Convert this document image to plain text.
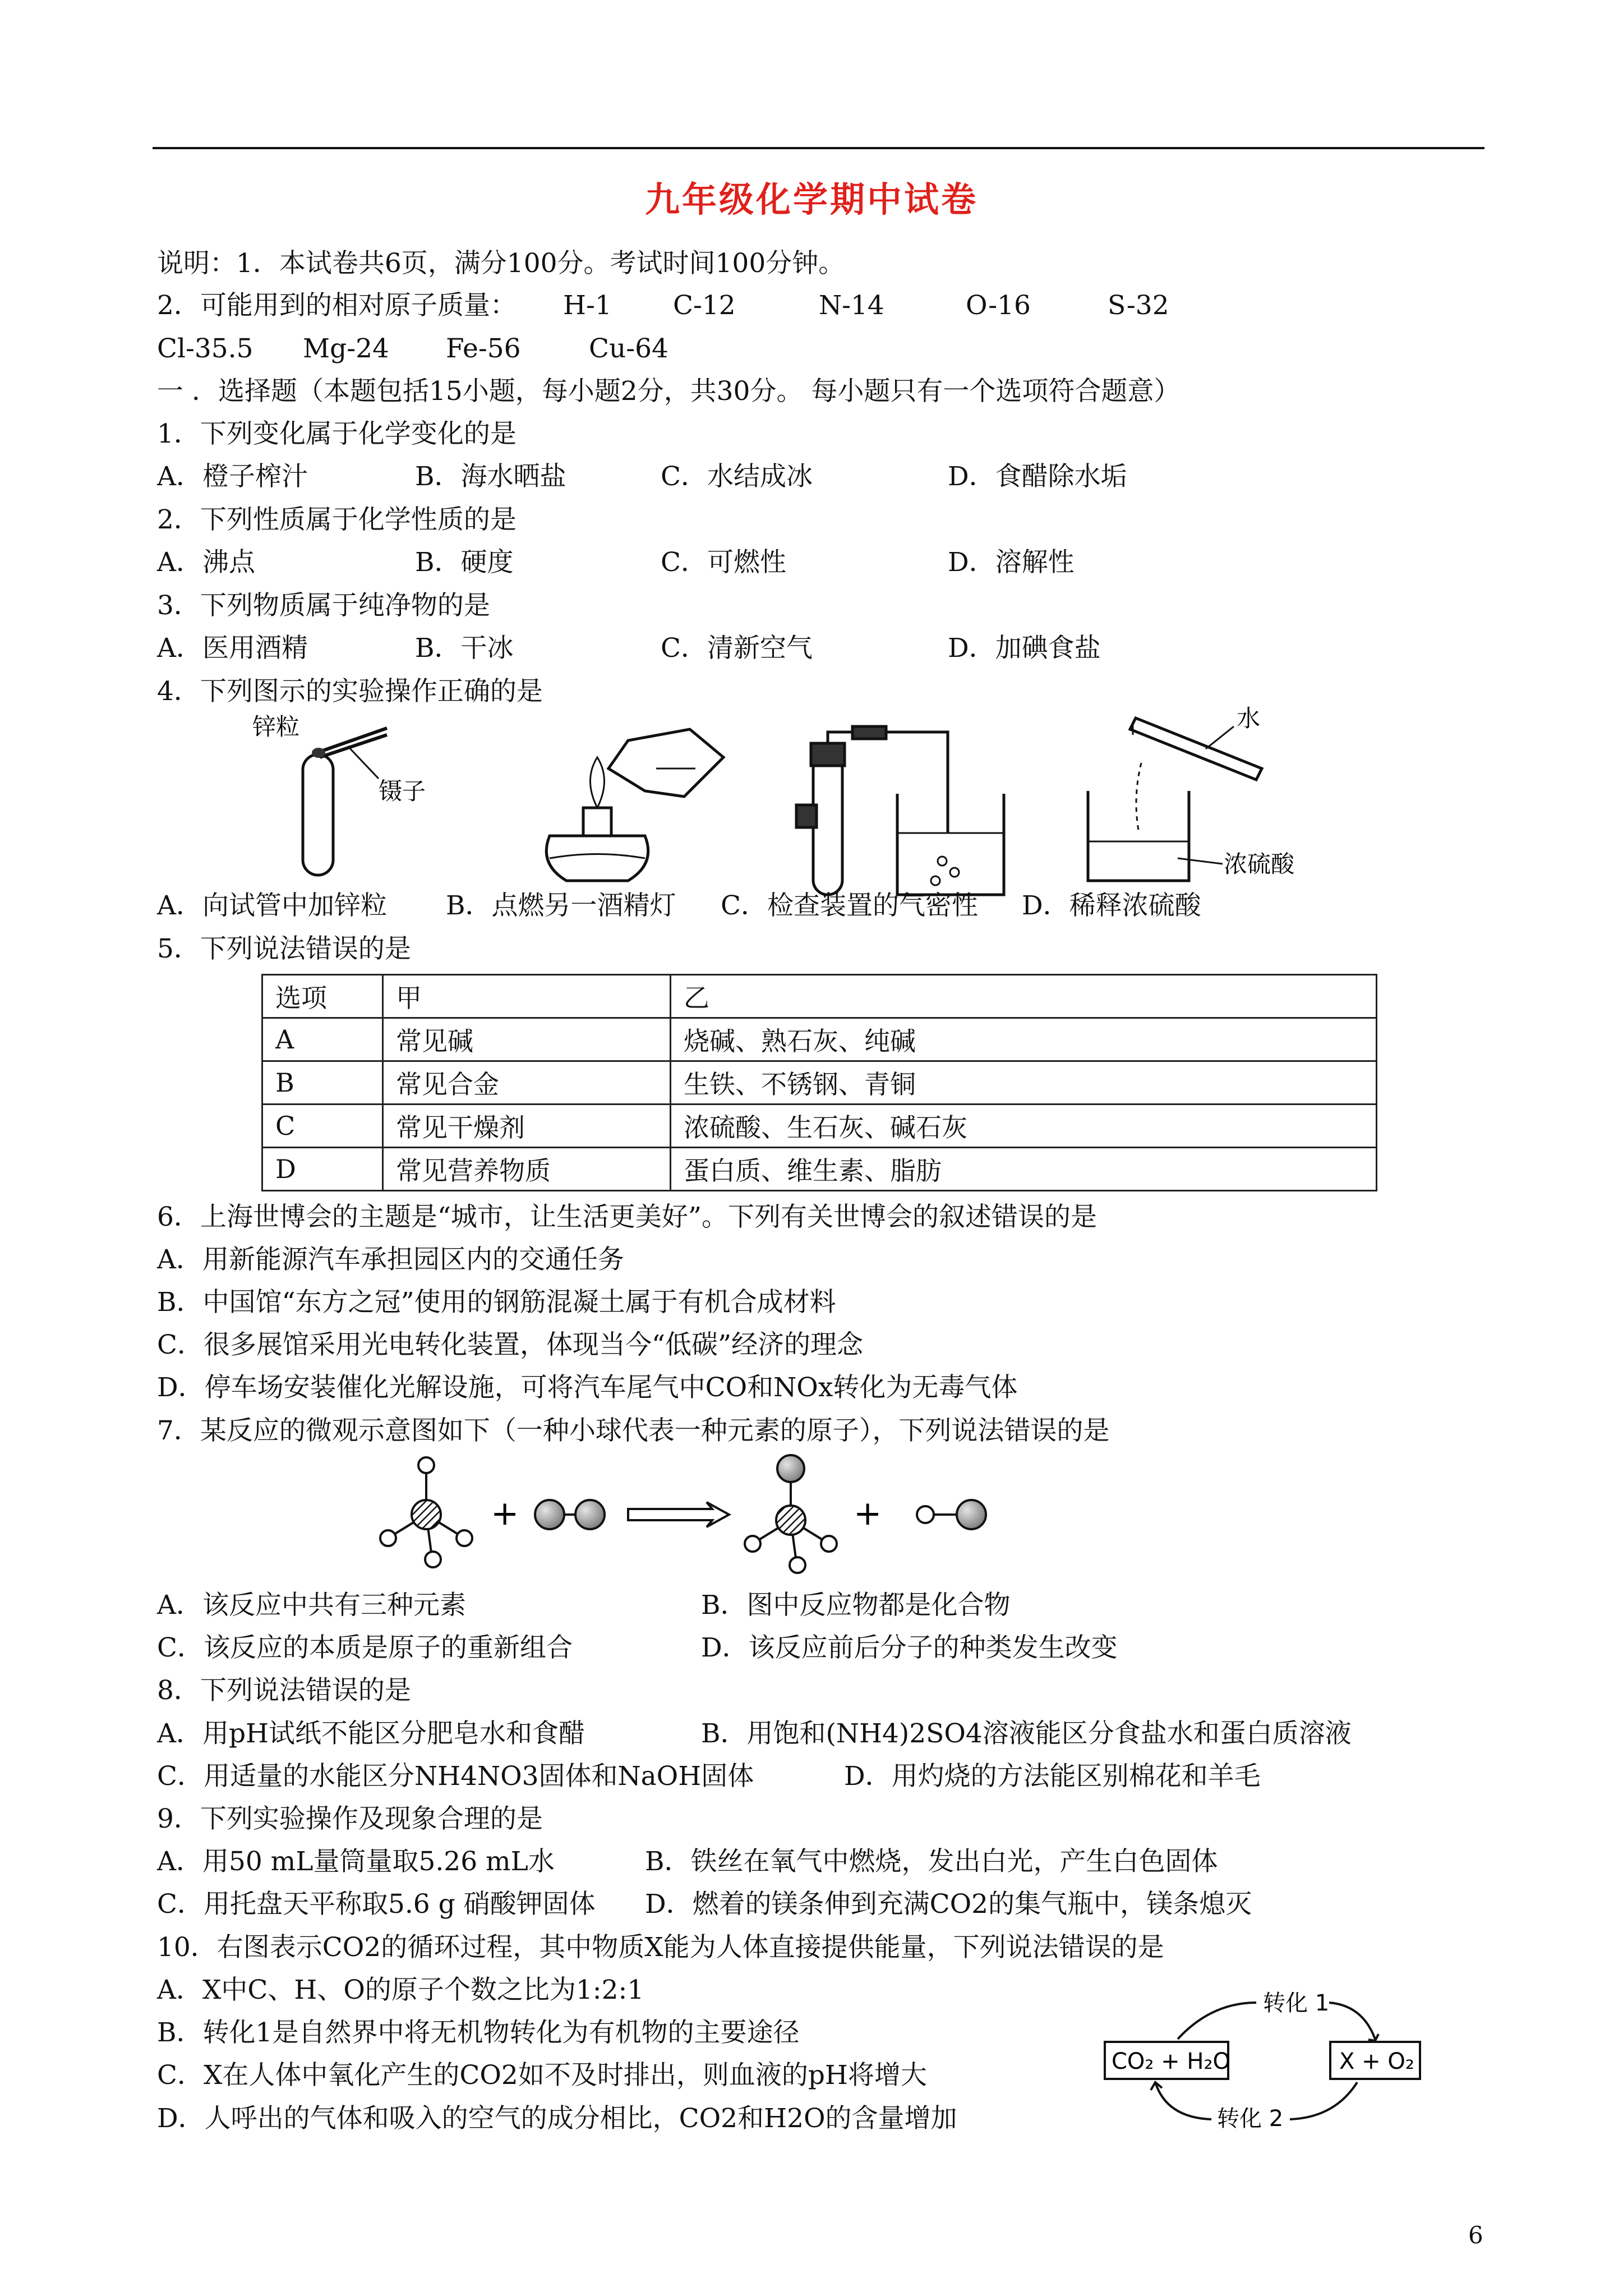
九年级化学期中试卷
说明：1．本试卷共6页，满分100分。考试时间100分钟。
2．可能用到的相对原子质量： H-1 C-12	N-14	O-16	S-32
Cl-35.5 Mg-24 Fe-56	Cu-64
一 ．选择题（本题包括15小题，每小题2分，共30分。 每小题只有一个选项符合题意）
1．下列变化属于化学变化的是
A．橙子榨汁	B．海水晒盐	C．水结成冰	D．食醋除水垢
2．下列性质属于化学性质的是
A．沸点	B．硬度	C．可燃性	D．溶解性
3．下列物质属于纯净物的是
A．医用酒精	B．干冰	C．清新空气	D．加碘食盐
4．下列图示的实验操作正确的是
锌粒
镊子
水
浓硫酸
A．向试管中加锌粒 B．点燃另一酒精灯 C．检查装置的气密性 D．稀释浓硫酸
5．下列说法错误的是
选项	甲	乙
A	常见碱	烧碱、熟石灰、纯碱
B	常见合金	生铁、不锈钢、青铜
C	常见干燥剂	浓硫酸、生石灰、碱石灰
D	常见营养物质	蛋白质、维生素、脂肪
6．上海世博会的主题是“城市，让生活更美好”。下列有关世博会的叙述错误的是
A．用新能源汽车承担园区内的交通任务
B．中国馆“东方之冠”使用的钢筋混凝土属于有机合成材料
C．很多展馆采用光电转化装置，体现当今“低碳”经济的理念
D．停车场安装催化光解设施，可将汽车尾气中CO和NOx转化为无毒气体
7．某反应的微观示意图如下（一种小球代表一种元素的原子），下列说法错误的是
+	+
A．该反应中共有三种元素	B．图中反应物都是化合物
C．该反应的本质是原子的重新组合	D．该反应前后分子的种类发生改变
8．下列说法错误的是
A．用pH试纸不能区分肥皂水和食醋	B．用饱和(NH4)2SO4溶液能区分食盐水和蛋白质溶液
C．用适量的水能区分NH4NO3固体和NaOH固体	D．用灼烧的方法能区别棉花和羊毛
9．下列实验操作及现象合理的是
A．用50 mL量筒量取5.26 mL水	B．铁丝在氧气中燃烧，发出白光，产生白色固体
C．用托盘天平称取5.6 g 硝酸钾固体 D．燃着的镁条伸到充满CO2的集气瓶中，镁条熄灭
10．右图表示CO2的循环过程，其中物质X能为人体直接提供能量，下列说法错误的是
A．X中C、H、O的原子个数之比为1:2:1
B．转化1是自然界中将无机物转化为有机物的主要途径
C．X在人体中氧化产生的CO2如不及时排出，则血液的pH将增大
D．人呼出的气体和吸入的空气的成分相比，CO2和H2O的含量增加
转化 1
转化 2
CO₂ + H₂O	X + O₂
6
